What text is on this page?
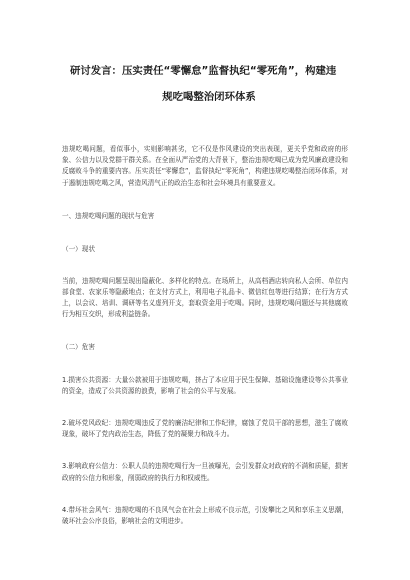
研讨发言：压实责任“零懈怠”监督执纪“零死角”，构建违

规吃喝整治闭环体系

违规吃喝问题，看似事小，实则影响甚劣，它不仅是作风建设的突出表现，更关乎党和政府的形象、公信力以及党群干群关系。在全面从严治党的大背景下，整治违规吃喝已成为党风廉政建设和反腐败斗争的重要内容。压实责任“零懈怠”，监督执纪“零死角”，构建违规吃喝整治闭环体系，对于遏制违规吃喝之风，营造风清气正的政治生态和社会环境具有重要意义。

一、违规吃喝问题的现状与危害

（一）现状

当前，违规吃喝问题呈现出隐蔽化、多样化的特点。在场所上，从高档酒店转向私人会所、单位内部食堂、农家乐等隐蔽地点；在支付方式上，利用电子礼品卡、微信红包等进行结算；在行为方式上，以会议、培训、调研等名义虚列开支，套取资金用于吃喝。同时，违规吃喝问题还与其他腐败行为相互交织，形成利益链条。

（二）危害

1.损害公共资源：大量公款被用于违规吃喝，挤占了本应用于民生保障、基础设施建设等公共事业的资金，造成了公共资源的浪费，影响了社会的公平与发展。

2.破坏党风政纪：违规吃喝违反了党的廉洁纪律和工作纪律，腐蚀了党员干部的思想，滋生了腐败现象，破坏了党内政治生态，降低了党的凝聚力和战斗力。

3.影响政府公信力：公职人员的违规吃喝行为一旦被曝光，会引发群众对政府的不满和质疑，损害政府的公信力和形象，削弱政府的执行力和权威性。

4.带坏社会风气：违规吃喝的不良风气会在社会上形成不良示范，引发攀比之风和享乐主义思潮，破坏社会公序良俗，影响社会的文明进步。
